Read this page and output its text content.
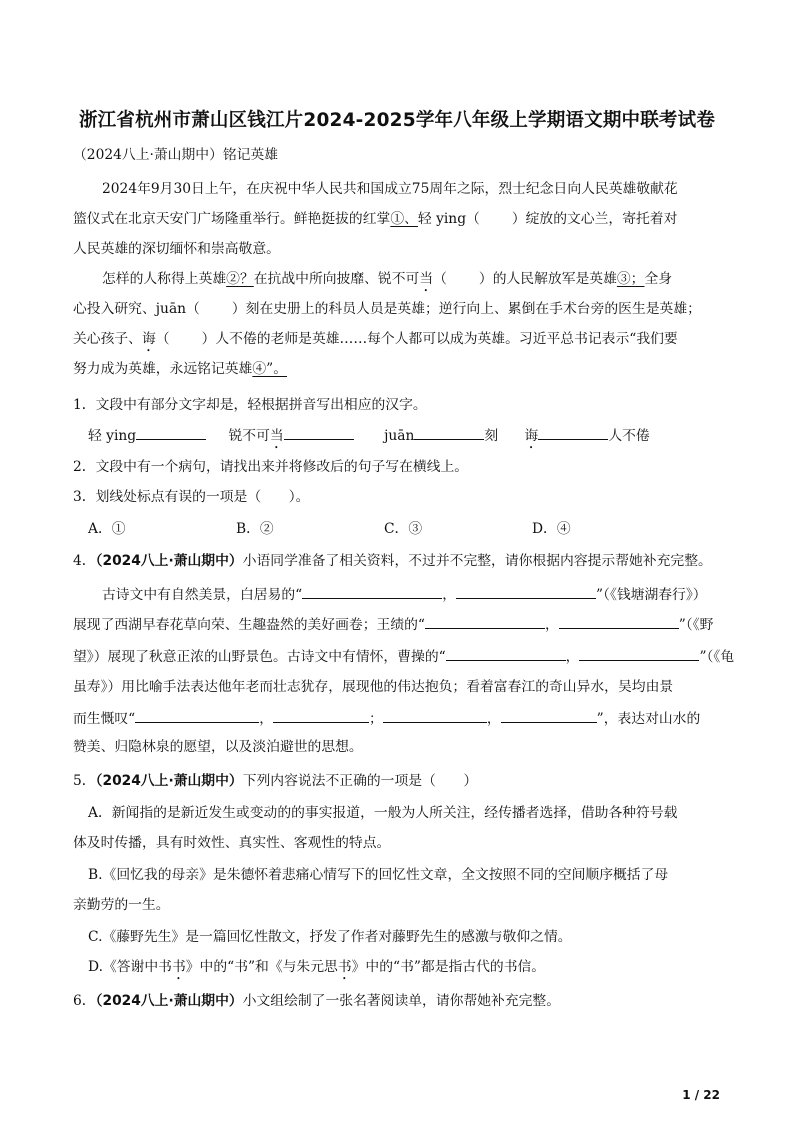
浙江省杭州市萧山区钱江片2024-2025学年八年级上学期语文期中联考试卷
（2024八上·萧山期中）铭记英雄
2024年9月30日上午，在庆祝中华人民共和国成立75周年之际，烈士纪念日向人民英雄敬献花
篮仪式在北京天安门广场隆重举行。鲜艳挺拔的红掌①、轻 ying（ ）绽放的文心兰，寄托着对
人民英雄的深切缅怀和崇高敬意。
怎样的人称得上英雄②？在抗战中所向披靡、锐不可当（ ）的人民解放军是英雄③；全身
心投入研究、juān（ ）刻在史册上的科员人员是英雄；逆行向上、累倒在手术台旁的医生是英雄；
关心孩子、诲（ ）人不倦的老师是英雄……每个人都可以成为英雄。习近平总书记表示“我们要
努力成为英雄，永远铭记英雄④”。
1．文段中有部分文字却是，轻根据拼音写出相应的汉字。
轻 ying	锐不可当	juān	刻 诲	人不倦
2．文段中有一个病句，请找出来并将修改后的句子写在横线上。
3．划线处标点有误的一项是（　　）。
A．①	B．②	C．③	D．④
4．（2024八上·萧山期中）小语同学准备了相关资料，不过并不完整，请你根据内容提示帮她补充完整。
古诗文中有自然美景，白居易的“	，	”（《钱塘湖春行》）
展现了西湖早春花草向荣、生趣盎然的美好画卷；王绩的“	，	”（《野
望》）展现了秋意正浓的山野景色。古诗文中有情怀，曹操的“	，	”（《龟
虽寿》）用比喻手法表达他年老而壮志犹存，展现他的伟达抱负；看着富春江的奇山异水，吴均由景
而生慨叹“	，	；	，	”，表达对山水的
赞美、归隐林泉的愿望，以及淡泊避世的思想。
5．（2024八上·萧山期中）下列内容说法不正确的一项是（　　）
A．新闻指的是新近发生或变动的的事实报道，一般为人所关注，经传播者选择，借助各种符号载
体及时传播，具有时效性、真实性、客观性的特点。
B.《回忆我的母亲》是朱德怀着悲痛心情写下的回忆性文章，全文按照不同的空间顺序概括了母
亲勤劳的一生。
C.《藤野先生》是一篇回忆性散文，抒发了作者对藤野先生的感激与敬仰之情。
D.《答谢中书书》中的“书”和《与朱元思书》中的“书”都是指古代的书信。
6．（2024八上·萧山期中）小文组绘制了一张名著阅读单，请你帮她补充完整。
1 / 22
